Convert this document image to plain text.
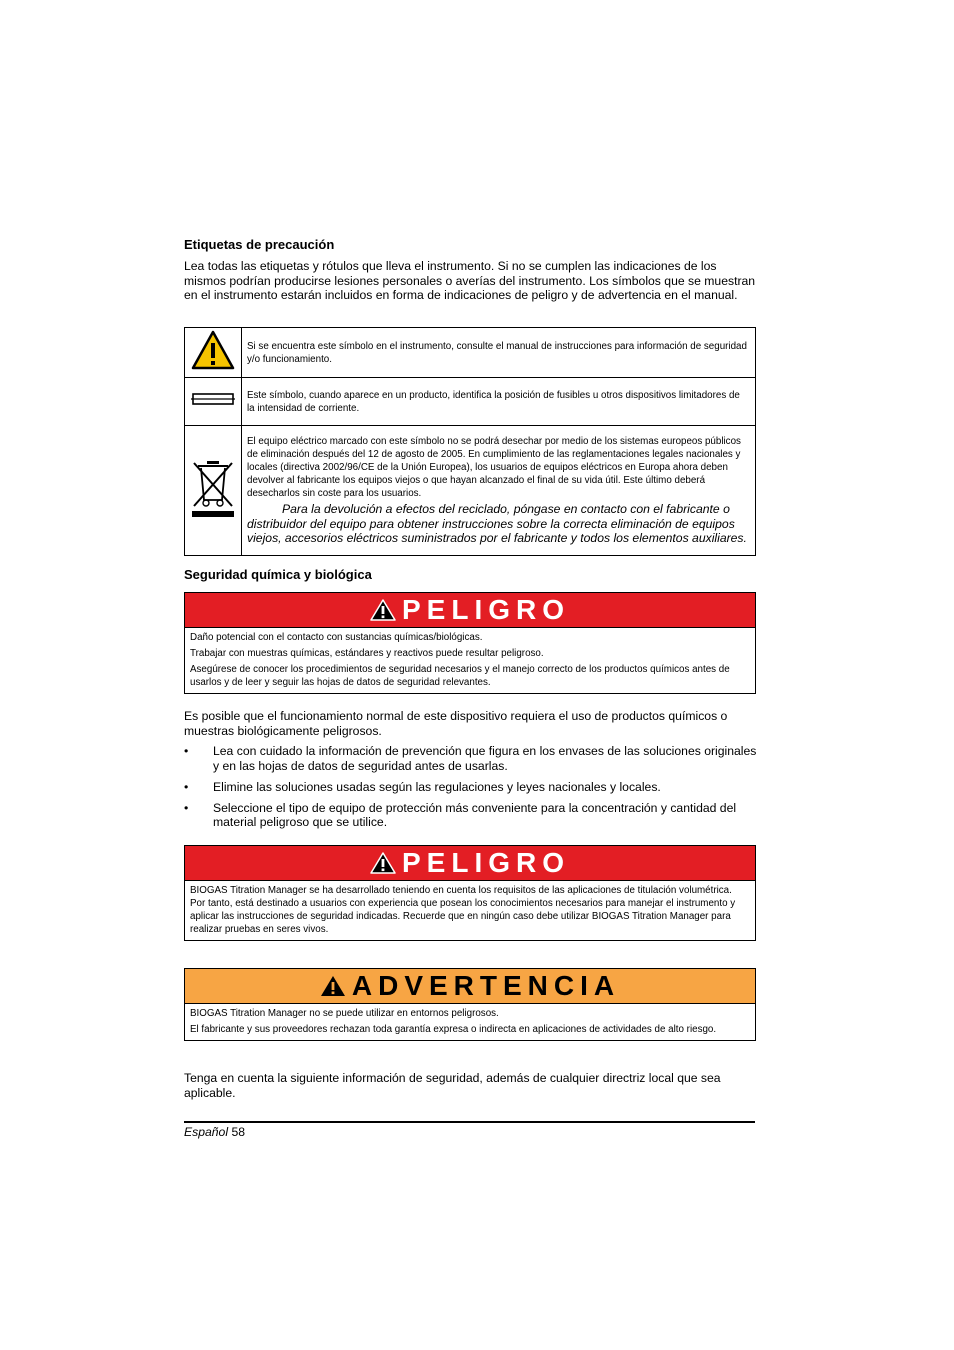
Etiquetas de precaución

Lea todas las etiquetas y rótulos que lleva el instrumento. Si no se cumplen las indicaciones de los mismos podrían producirse lesiones personales o averías del instrumento. Los símbolos que se muestran en el instrumento estarán incluidos en forma de indicaciones de peligro y de advertencia en el manual.

	Si se encuentra este símbolo en el instrumento, consulte el manual de instrucciones para información de seguridad y/o funcionamiento.
	Este símbolo, cuando aparece en un producto, identifica la posición de fusibles u otros dispositivos limitadores de la intensidad de corriente.

El equipo eléctrico marcado con este símbolo no se podrá desechar por medio de los sistemas europeos públicos de eliminación después del 12 de agosto de 2005. En cumplimiento de las reglamentaciones legales nacionales y locales (directiva 2002/96/CE de la Unión Europea), los usuarios de equipos eléctricos en Europa ahora deben devolver al fabricante los equipos viejos o que hayan alcanzado el final de su vida útil. Este último deberá desecharlos sin coste para los usuarios.
Para la devolución a efectos del reciclado, póngase en contacto con el fabricante o distribuidor del equipo para obtener instrucciones sobre la correcta eliminación de equipos viejos, accesorios eléctricos suministrados por el fabricante y todos los elementos auxiliares.
Seguridad química y biológica
PELIGRO

Daño potencial con el contacto con sustancias químicas/biológicas.

Trabajar con muestras químicas, estándares y reactivos puede resultar peligroso.

Asegúrese de conocer los procedimientos de seguridad necesarios y el manejo correcto de los productos químicos antes de usarlos y de leer y seguir las hojas de datos de seguridad relevantes.

Es posible que el funcionamiento normal de este dispositivo requiera el uso de productos químicos o muestras biológicamente peligrosos.

• Lea con cuidado la información de prevención que figura en los envases de las soluciones originales y en las hojas de datos de seguridad antes de usarlas.
• Elimine las soluciones usadas según las regulaciones y leyes nacionales y locales.
• Seleccione el tipo de equipo de protección más conveniente para la concentración y cantidad del material peligroso que se utilice.
PELIGRO

BIOGAS Titration Manager se ha desarrollado teniendo en cuenta los requisitos de las aplicaciones de titulación volumétrica. Por tanto, está destinado a usuarios con experiencia que posean los conocimientos necesarios para manejar el instrumento y aplicar las instrucciones de seguridad indicadas. Recuerde que en ningún caso debe utilizar BIOGAS Titration Manager para realizar pruebas en seres vivos.

ADVERTENCIA

BIOGAS Titration Manager no se puede utilizar en entornos peligrosos.

El fabricante y sus proveedores rechazan toda garantía expresa o indirecta en aplicaciones de actividades de alto riesgo.

Tenga en cuenta la siguiente información de seguridad, además de cualquier directriz local que sea aplicable.

Español 58
